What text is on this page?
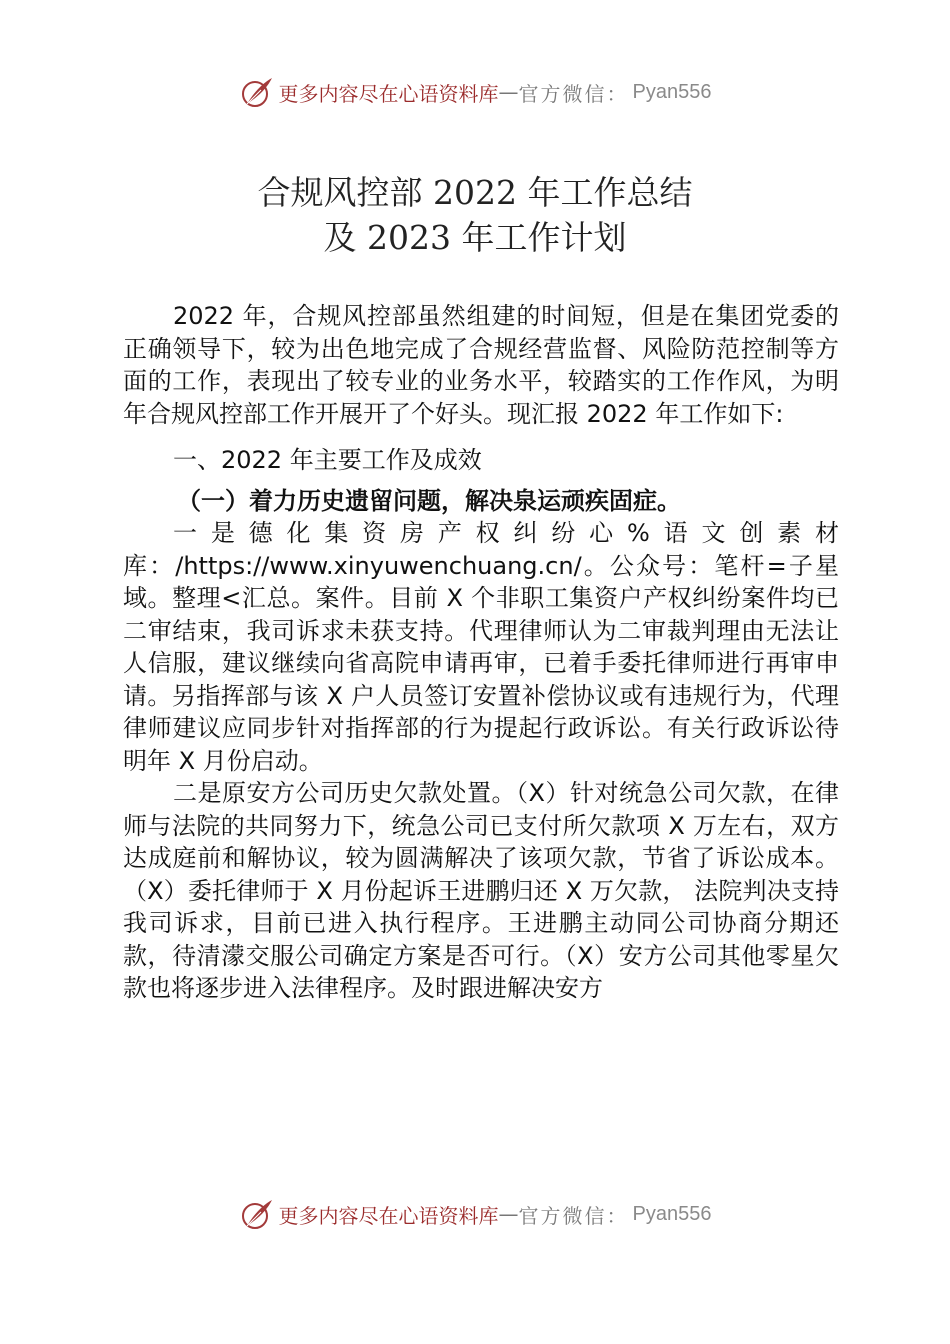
更多内容尽在心语资料库 — 官方微信： Pyan556
合规风控部 2022 年工作总结
及 2023 年工作计划

2022 年，合规风控部虽然组建的时间短，但是在集团党委的正确领导下，较为出色地完成了合规经营监督、风险防范控制等方面的工作，表现出了较专业的业务水平，较踏实的工作作风，为明年合规风控部工作开展开了个好头。现汇报 2022 年工作如下:

一、2022 年主要工作及成效

（一）着力历史遗留问题，解决泉运顽疾固症。

一是德化集资房产权纠纷心%语文创素材库：/https://www.xinyuwenchuang.cn/。公众号：笔杆=子星域。整理<汇总。案件。目前 X 个非职工集资户产权纠纷案件均已二审结束，我司诉求未获支持。代理律师认为二审裁判理由无法让人信服，建议继续向省高院申请再审，已着手委托律师进行再审申请。另指挥部与该 X 户人员签订安置补偿协议或有违规行为，代理律师建议应同步针对指挥部的行为提起行政诉讼。有关行政诉讼待明年 X 月份启动。

二是原安方公司历史欠款处置。（X）针对统急公司欠款，在律师与法院的共同努力下，统急公司已支付所欠款项 X 万左右，双方达成庭前和解协议，较为圆满解决了该项欠款，节省了诉讼成本。（X）委托律师于 X 月份起诉王进鹏归还 X 万欠款， 法院判决支持我司诉求，目前已进入执行程序。王进鹏主动同公司协商分期还款，待清濛交服公司确定方案是否可行。（X）安方公司其他零星欠款也将逐步进入法律程序。及时跟进解决安方

更多内容尽在心语资料库 — 官方微信： Pyan556
